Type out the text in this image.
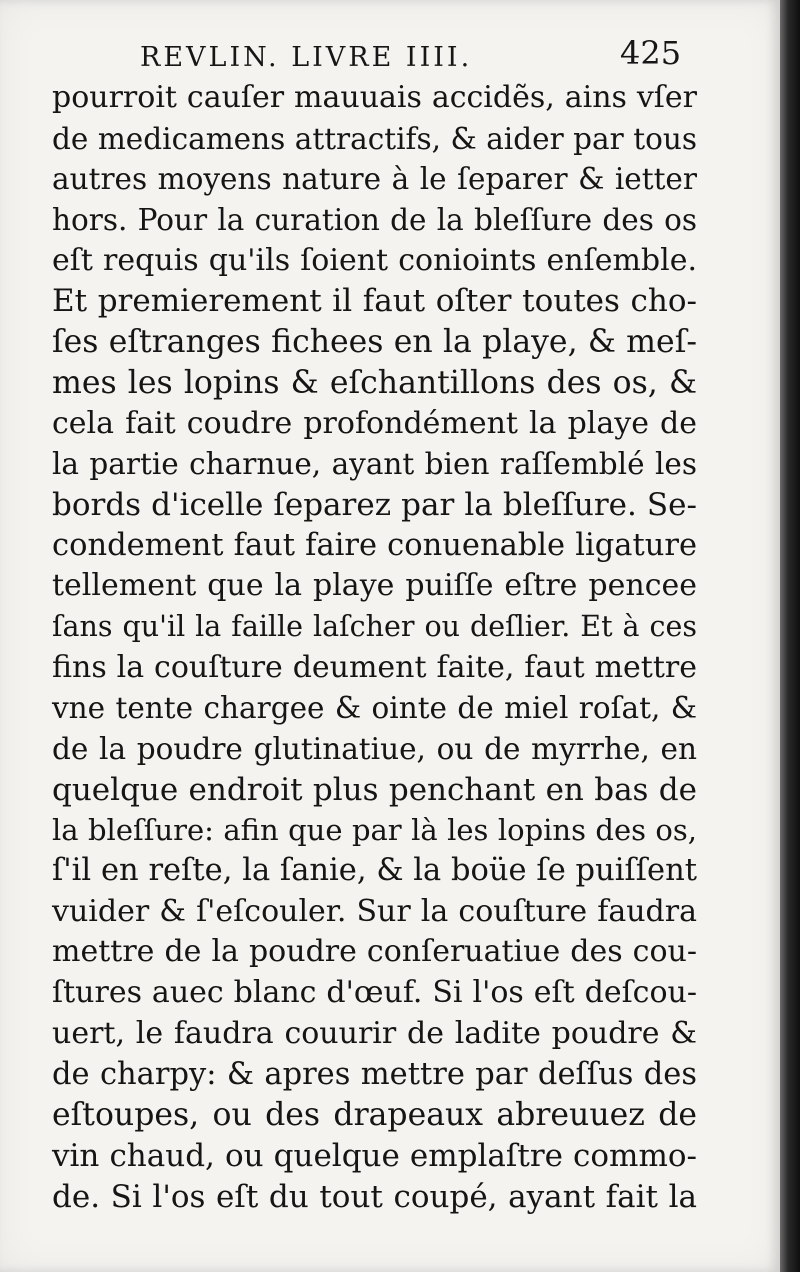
REVLIN. LIVRE IIII.	425
pourroit cauſer mauuais accidẽs, ains vſer
de medicamens attractifs, & aider par tous
autres moyens nature à le ſeparer & ietter
hors. Pour la curation de la bleſſure des os
eſt requis qu'ils ſoient conioints enſemble.
Et premierement il faut oſter toutes cho-
ſes eſtranges fichees en la playe, & meſ-
mes les lopins & eſchantillons des os, &
cela fait coudre profondément la playe de
la partie charnue, ayant bien raſſemblé les
bords d'icelle ſeparez par la bleſſure. Se-
condement faut faire conuenable ligature
tellement que la playe puiſſe eſtre pencee
ſans qu'il la faille laſcher ou deſlier. Et à ces
fins la couſture deument faite, faut mettre
vne tente chargee & ointe de miel roſat, &
de la poudre glutinatiue, ou de myrrhe, en
quelque endroit plus penchant en bas de
la bleſſure: afin que par là les lopins des os,
ſ'il en reſte, la ſanie, & la boüe ſe puiſſent
vuider & ſ'eſcouler. Sur la couſture faudra
mettre de la poudre conſeruatiue des cou-
ſtures auec blanc d'œuf. Si l'os eſt deſcou-
uert, le faudra couurir de ladite poudre &
de charpy: & apres mettre par deſſus des
eſtoupes, ou des drapeaux abreuuez de
vin chaud, ou quelque emplaſtre commo-
de. Si l'os eſt du tout coupé, ayant fait la
